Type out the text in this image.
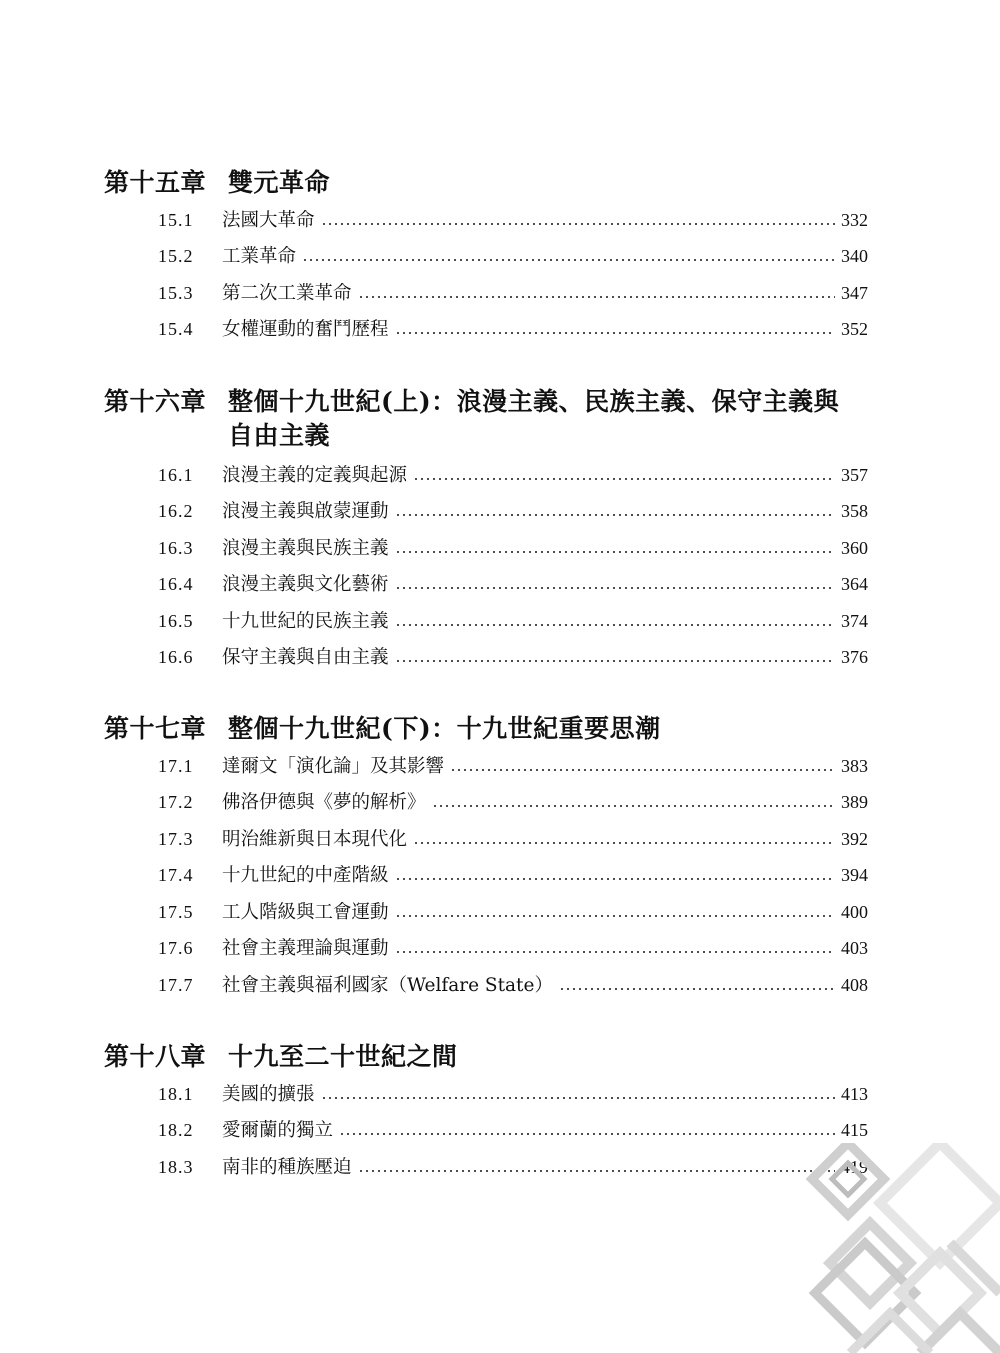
第十五章 雙元革命
15.1	法國大革命	332
15.2	工業革命	340
15.3	第二次工業革命	347
15.4	女權運動的奮鬥歷程	352
第十六章 整個十九世紀(上)：浪漫主義、民族主義、保守主義與自由主義
16.1	浪漫主義的定義與起源	357
16.2	浪漫主義與啟蒙運動	358
16.3	浪漫主義與民族主義	360
16.4	浪漫主義與文化藝術	364
16.5	十九世紀的民族主義	374
16.6	保守主義與自由主義	376
第十七章 整個十九世紀(下)：十九世紀重要思潮
17.1	達爾文「演化論」及其影響	383
17.2	佛洛伊德與《夢的解析》	389
17.3	明治維新與日本現代化	392
17.4	十九世紀的中產階級	394
17.5	工人階級與工會運動	400
17.6	社會主義理論與運動	403
17.7	社會主義與福利國家（Welfare State）	408
第十八章 十九至二十世紀之間
18.1	美國的擴張	413
18.2	愛爾蘭的獨立	415
18.3	南非的種族壓迫	419
